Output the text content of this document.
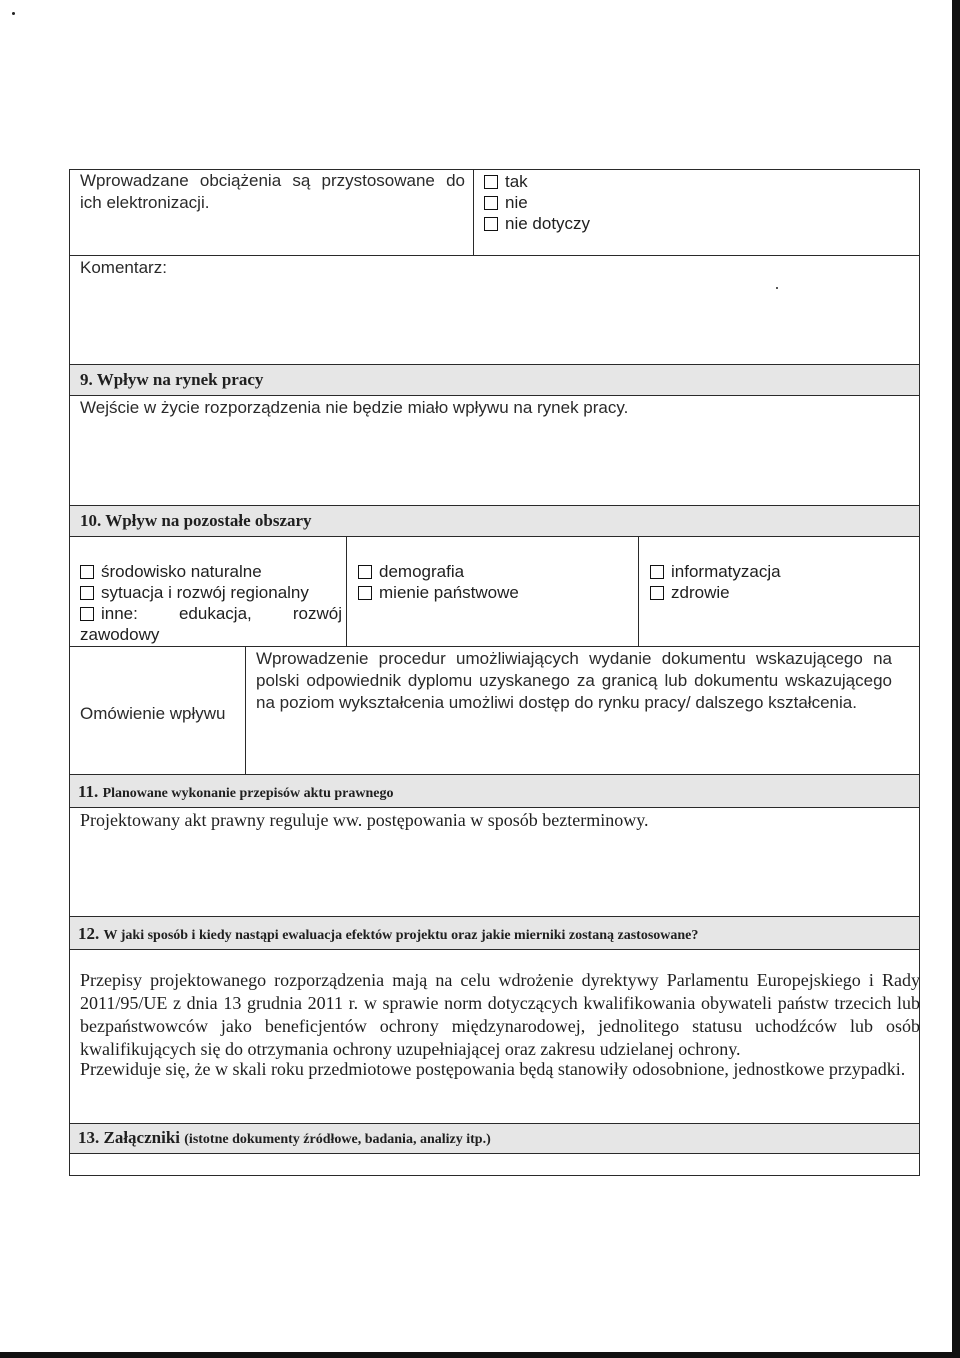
Wprowadzane obciążenia są przystosowane do ich elektronizacji.
tak
nie
nie dotyczy
Komentarz:
9. Wpływ na rynek pracy
Wejście w życie rozporządzenia nie będzie miało wpływu na rynek pracy.
10. Wpływ na pozostałe obszary
środowisko naturalne
sytuacja i rozwój regionalny
inne: edukacja, rozwój zawodowy
demografia
mienie państwowe
informatyzacja
zdrowie
Omówienie wpływu
Wprowadzenie procedur umożliwiających wydanie dokumentu wskazującego na polski odpowiednik dyplomu uzyskanego za granicą lub dokumentu wskazującego na poziom wykształcenia umożliwi dostęp do rynku pracy/ dalszego kształcenia.
11. Planowane wykonanie przepisów aktu prawnego
Projektowany akt prawny reguluje ww. postępowania w sposób bezterminowy.
12. W jaki sposób i kiedy nastąpi ewaluacja efektów projektu oraz jakie mierniki zostaną zastosowane?
Przepisy projektowanego rozporządzenia mają na celu wdrożenie dyrektywy Parlamentu Europejskiego i Rady 2011/95/UE z dnia 13 grudnia 2011 r. w sprawie norm dotyczących kwalifikowania obywateli państw trzecich lub bezpaństwowców jako beneficjentów ochrony międzynarodowej, jednolitego statusu uchodźców lub osób kwalifikujących się do otrzymania ochrony uzupełniającej oraz zakresu udzielanej ochrony.
Przewiduje się, że w skali roku przedmiotowe postępowania będą stanowiły odosobnione, jednostkowe przypadki.
13. Załączniki (istotne dokumenty źródłowe, badania, analizy itp.)
